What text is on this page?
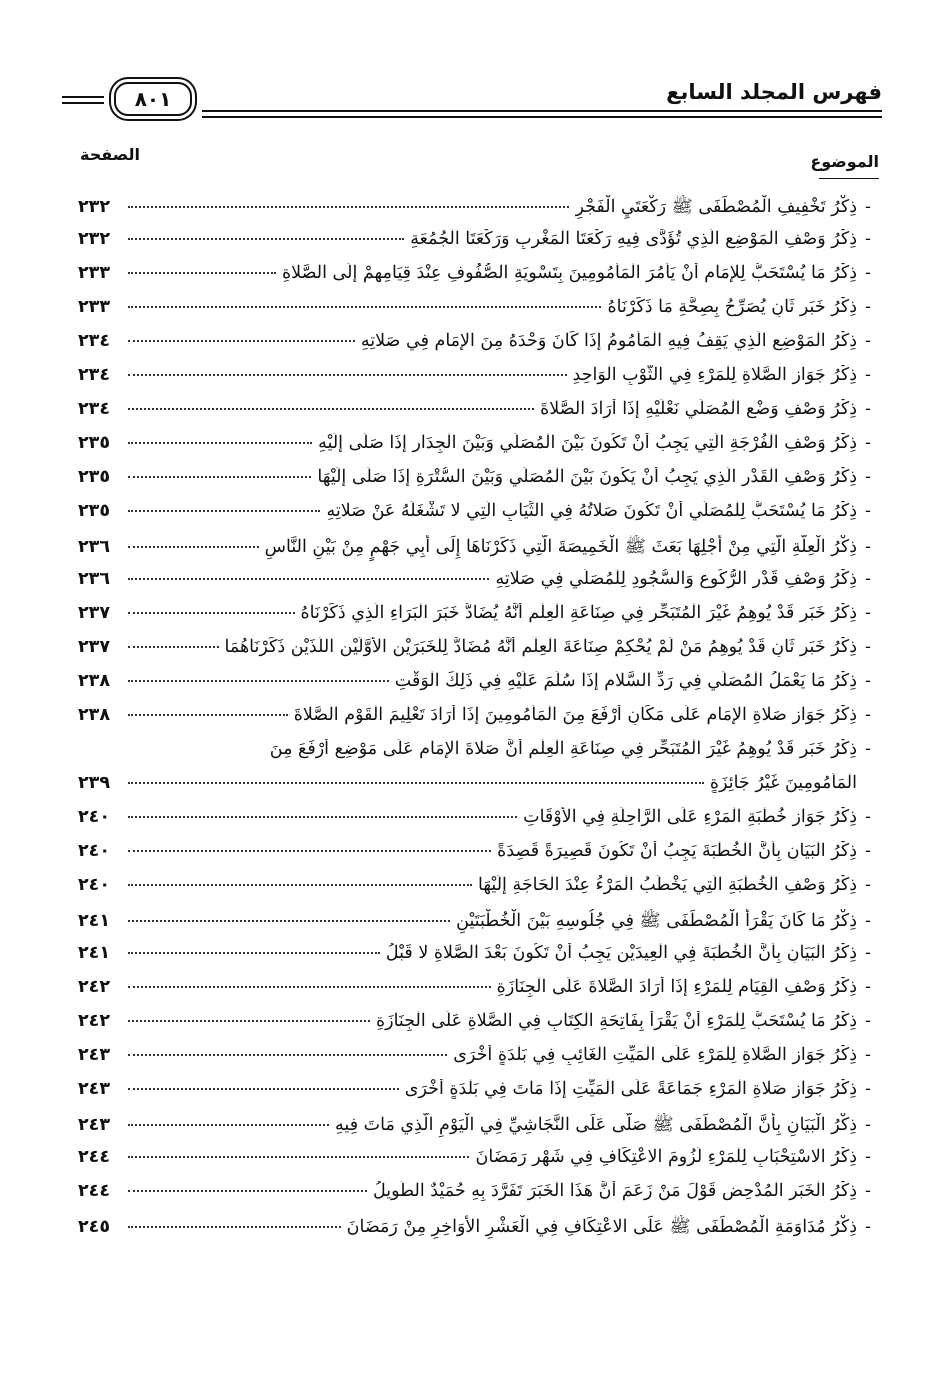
فهرس المجلد السابع
٨٠١
الموضوع
الصفحة
-
ذِكْرُ تَخْفِيفِ الْمُصْطَفَى ﷺ رَكْعَتَيِ الْفَجْرِ
٢٣٢
-
ذِكْرُ وَصْفِ الْمَوْضِعِ الَّذِي تُؤَدَّى فِيهِ رَكْعَتَا الْمَغْرِبِ وَرَكْعَتَا الْجُمُعَةِ
٢٣٢
-
ذِكْرُ مَا يُسْتَحَبُّ لِلإِمَامِ أَنْ يَأْمُرَ الْمَأْمُومِينَ بِتَسْوِيَةِ الصُّفُوفِ عِنْدَ قِيَامِهِمْ إِلَى الصَّلاةِ
٢٣٣
-
ذِكْرُ خَبَرٍ ثَانٍ يُصَرِّحُ بِصِحَّةِ مَا ذَكَرْنَاهُ
٢٣٣
-
ذِكْرُ الْمَوْضِعِ الَّذِي يَقِفُ فِيهِ الْمَأْمُومُ إِذَا كَانَ وَحْدَهُ مِنَ الإِمَامِ فِي صَلاتِهِ
٢٣٤
-
ذِكْرُ جَوَازِ الصَّلاةِ لِلْمَرْءِ فِي الثَّوْبِ الْوَاحِدِ
٢٣٤
-
ذِكْرُ وَصْفِ وَضْعِ الْمُصَلِّي نَعْلَيْهِ إِذَا أَرَادَ الصَّلاةَ
٢٣٤
-
ذِكْرُ وَصْفِ الْفُرْجَةِ الَّتِي يَجِبُ أَنْ تَكُونَ بَيْنَ الْمُصَلِّي وَبَيْنَ الْجِدَارِ إِذَا صَلَّى إِلَيْهِ
٢٣٥
-
ذِكْرُ وَصْفِ الْقَدْرِ الَّذِي يَجِبُ أَنْ يَكُونَ بَيْنَ الْمُصَلِّي وَبَيْنَ السُّتْرَةِ إِذَا صَلَّى إِلَيْهَا
٢٣٥
-
ذِكْرُ مَا يُسْتَحَبُّ لِلْمُصَلِّي أَنْ تَكُونَ صَلاتُهُ فِي الثِّيَابِ الَّتِي لا تَشْغَلُهُ عَنْ صَلاتِهِ
٢٣٥
-
ذِكْرُ الْعِلَّةِ الَّتِي مِنْ أَجْلِهَا بَعَثَ ﷺ الْخَمِيصَةَ الَّتِي ذَكَرْنَاهَا إِلَى أَبِي جَهْمٍ مِنْ بَيْنِ النَّاسِ
٢٣٦
-
ذِكْرُ وَصْفِ قَدْرِ الرُّكُوعِ وَالسُّجُودِ لِلْمُصَلِّي فِي صَلاتِهِ
٢٣٦
-
ذِكْرُ خَبَرٍ قَدْ يُوهِمُ غَيْرَ الْمُتَبَحِّرِ فِي صِنَاعَةِ الْعِلْمِ أَنَّهُ يُضَادُّ خَبَرَ الْبَرَاءِ الَّذِي ذَكَرْنَاهُ
٢٣٧
-
ذِكْرُ خَبَرٍ ثَانٍ قَدْ يُوهِمُ مَنْ لَمْ يُحْكِمْ صِنَاعَةَ الْعِلْمِ أَنَّهُ مُضَادٌّ لِلْخَبَرَيْنِ الأَوَّلَيْنِ اللَّذَيْنِ ذَكَرْنَاهُمَا
٢٣٧
-
ذِكْرُ مَا يَعْمَلُ الْمُصَلِّي فِي رَدِّ السَّلامِ إِذَا سُلِّمَ عَلَيْهِ فِي ذَلِكَ الْوَقْتِ
٢٣٨
-
ذِكْرُ جَوَازِ صَلاةِ الإِمَامِ عَلَى مَكَانٍ أَرْفَعَ مِنَ الْمَأْمُومِينَ إِذَا أَرَادَ تَعْلِيمَ الْقَوْمِ الصَّلاةَ
٢٣٨
-
ذِكْرُ خَبَرٍ قَدْ يُوهِمُ غَيْرَ الْمُتَبَحِّرِ فِي صِنَاعَةِ الْعِلْمِ أَنَّ صَلاةَ الإِمَامِ عَلَى مَوْضِعٍ أَرْفَعَ مِنَ
الْمَأْمُومِينَ غَيْرُ جَائِزَةٍ
٢٣٩
-
ذِكْرُ جَوَازِ خُطْبَةِ الْمَرْءِ عَلَى الرَّاحِلَةِ فِي الأَوْقَاتِ
٢٤٠
-
ذِكْرُ الْبَيَانِ بِأَنَّ الْخُطْبَةَ يَجِبُ أَنْ تَكُونَ قَصِيرَةً قَصِدَةً
٢٤٠
-
ذِكْرُ وَصْفِ الْخُطْبَةِ الَّتِي يَخْطُبُ الْمَرْءُ عِنْدَ الْحَاجَةِ إِلَيْهَا
٢٤٠
-
ذِكْرُ مَا كَانَ يَقْرَأُ الْمُصْطَفَى ﷺ فِي جُلُوسِهِ بَيْنَ الْخُطْبَتَيْنِ
٢٤١
-
ذِكْرُ الْبَيَانِ بِأَنَّ الْخُطْبَةَ فِي الْعِيدَيْنِ يَجِبُ أَنْ تَكُونَ بَعْدَ الصَّلاةِ لا قَبْلُ
٢٤١
-
ذِكْرُ وَصْفِ الْقِيَامِ لِلْمَرْءِ إِذَا أَرَادَ الصَّلاةَ عَلَى الْجِنَازَةِ
٢٤٢
-
ذِكْرُ مَا يُسْتَحَبُّ لِلْمَرْءِ أَنْ يَقْرَأَ بِفَاتِحَةِ الْكِتَابِ فِي الصَّلاةِ عَلَى الْجِنَازَةِ
٢٤٢
-
ذِكْرُ جَوَازِ الصَّلاةِ لِلْمَرْءِ عَلَى الْمَيِّتِ الْغَائِبِ فِي بَلْدَةٍ أُخْرَى
٢٤٣
-
ذِكْرُ جَوَازِ صَلاةِ الْمَرْءِ جَمَاعَةً عَلَى الْمَيِّتِ إِذَا مَاتَ فِي بَلْدَةٍ أُخْرَى
٢٤٣
-
ذِكْرُ الْبَيَانِ بِأَنَّ الْمُصْطَفَى ﷺ صَلَّى عَلَى النَّجَاشِيِّ فِي الْيَوْمِ الَّذِي مَاتَ فِيهِ
٢٤٣
-
ذِكْرُ الاسْتِحْبَابِ لِلْمَرْءِ لُزُومَ الاعْتِكَافِ فِي شَهْرِ رَمَضَانَ
٢٤٤
-
ذِكْرُ الْخَبَرِ الْمُدْحِضِ قَوْلَ مَنْ زَعَمَ أَنَّ هَذَا الْخَبَرَ تَفَرَّدَ بِهِ حُمَيْدٌ الطَّوِيلُ
٢٤٤
-
ذِكْرُ مُدَاوَمَةِ الْمُصْطَفَى ﷺ عَلَى الاعْتِكَافِ فِي الْعَشْرِ الأَوَاخِرِ مِنْ رَمَضَانَ
٢٤٥
